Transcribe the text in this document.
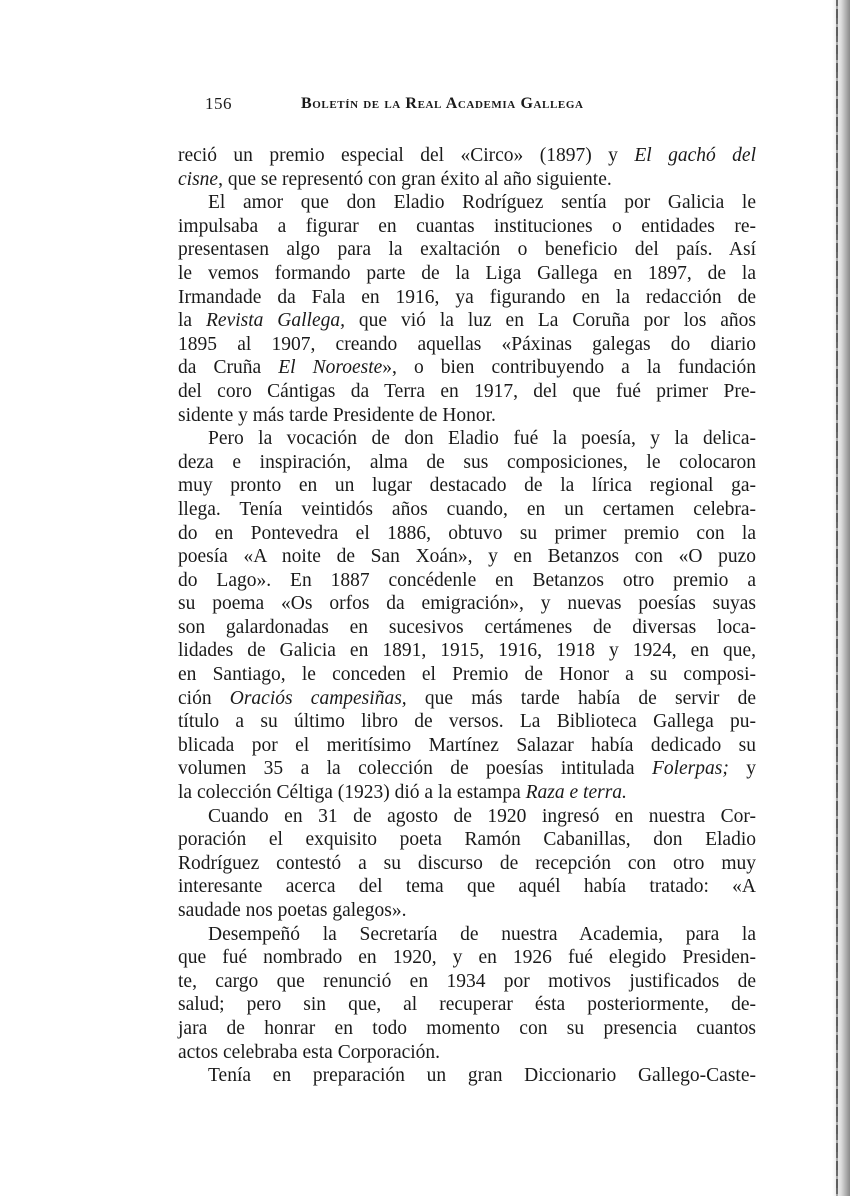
156	Boletín de la Real Academia Gallega
reció un premio especial del «Circo» (1897) y El gachó del
cisne, que se representó con gran éxito al año siguiente.
El amor que don Eladio Rodríguez sentía por Galicia le
impulsaba a figurar en cuantas instituciones o entidades re-
presentasen algo para la exaltación o beneficio del país. Así
le vemos formando parte de la Liga Gallega en 1897, de la
Irmandade da Fala en 1916, ya figurando en la redacción de
la Revista Gallega, que vió la luz en La Coruña por los años
1895 al 1907, creando aquellas «Páxinas galegas do diario
da Cruña El Noroeste», o bien contribuyendo a la fundación
del coro Cántigas da Terra en 1917, del que fué primer Pre-
sidente y más tarde Presidente de Honor.
Pero la vocación de don Eladio fué la poesía, y la delica-
deza e inspiración, alma de sus composiciones, le colocaron
muy pronto en un lugar destacado de la lírica regional ga-
llega. Tenía veintidós años cuando, en un certamen celebra-
do en Pontevedra el 1886, obtuvo su primer premio con la
poesía «A noite de San Xoán», y en Betanzos con «O puzo
do Lago». En 1887 concédenle en Betanzos otro premio a
su poema «Os orfos da emigración», y nuevas poesías suyas
son galardonadas en sucesivos certámenes de diversas loca-
lidades de Galicia en 1891, 1915, 1916, 1918 y 1924, en que,
en Santiago, le conceden el Premio de Honor a su composi-
ción Oraciós campesiñas, que más tarde había de servir de
título a su último libro de versos. La Biblioteca Gallega pu-
blicada por el meritísimo Martínez Salazar había dedicado su
volumen 35 a la colección de poesías intitulada Folerpas; y
la colección Céltiga (1923) dió a la estampa Raza e terra.
Cuando en 31 de agosto de 1920 ingresó en nuestra Cor-
poración el exquisito poeta Ramón Cabanillas, don Eladio
Rodríguez contestó a su discurso de recepción con otro muy
interesante acerca del tema que aquél había tratado: «A
saudade nos poetas galegos».
Desempeñó la Secretaría de nuestra Academia, para la
que fué nombrado en 1920, y en 1926 fué elegido Presiden-
te, cargo que renunció en 1934 por motivos justificados de
salud; pero sin que, al recuperar ésta posteriormente, de-
jara de honrar en todo momento con su presencia cuantos
actos celebraba esta Corporación.
Tenía en preparación un gran Diccionario Gallego-Caste-
